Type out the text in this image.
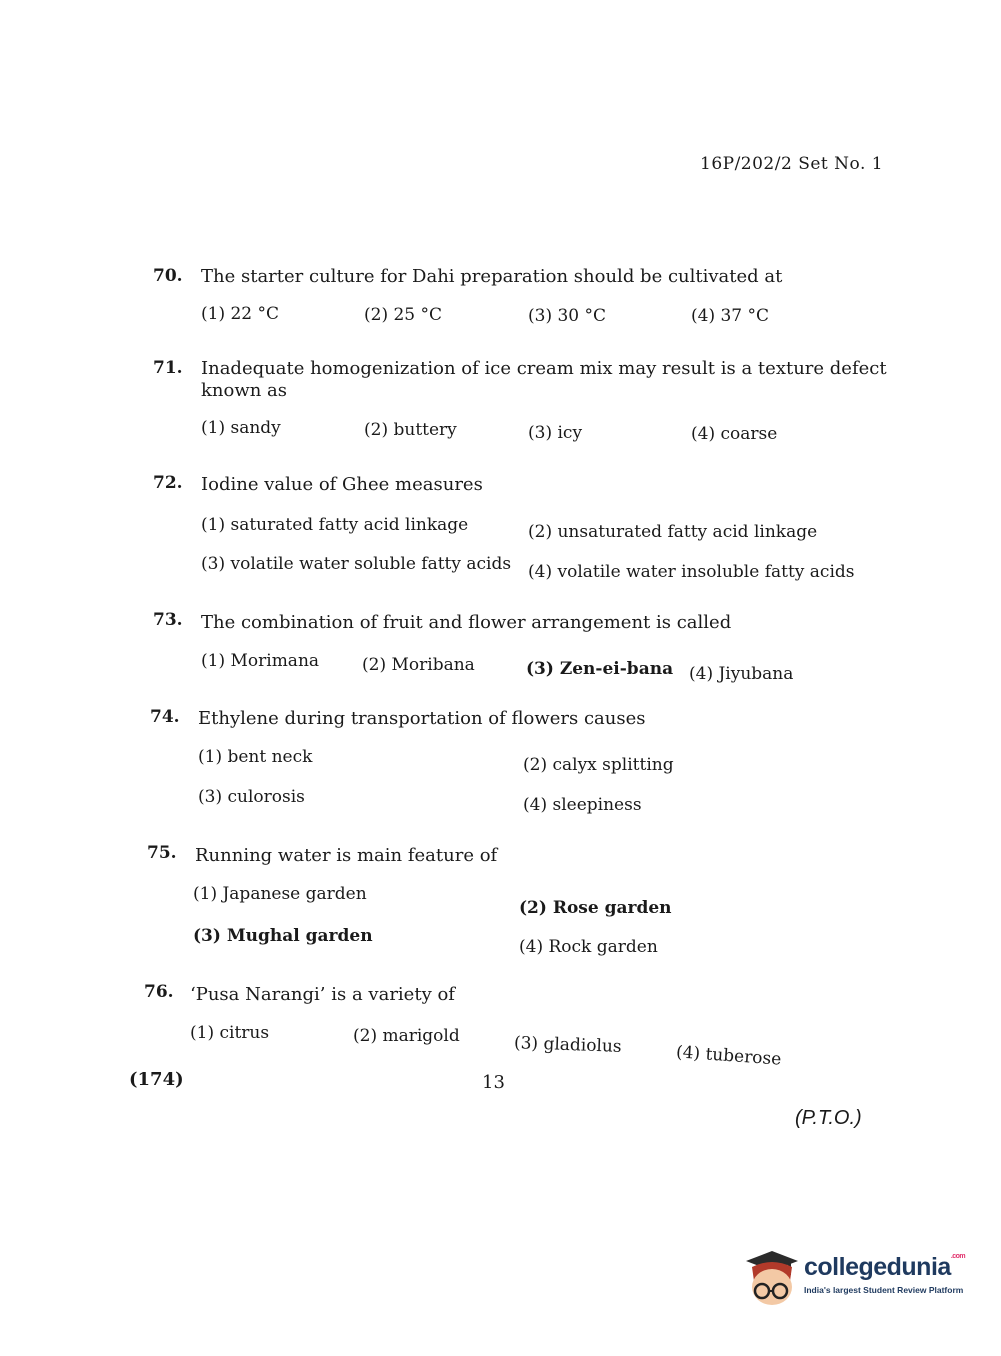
16P/202/2 Set No. 1
70. The starter culture for Dahi preparation should be cultivated at
(1) 22 °C	(2) 25 °C	(3) 30 °C	(4) 37 °C
71. Inadequate homogenization of ice cream mix may result is a texture defect
known as
(1) sandy	(2) buttery	(3) icy	(4) coarse
72. Iodine value of Ghee measures
(1) saturated fatty acid linkage	(2) unsaturated fatty acid linkage
(3) volatile water soluble fatty acids (4) volatile water insoluble fatty acids
73. The combination of fruit and flower arrangement is called
(1) Morimana	(2) Moribana	(3) Zen-ei-bana (4) Jiyubana
74. Ethylene during transportation of flowers causes
(1) bent neck	(2) calyx splitting
(3) culorosis	(4) sleepiness
75. Running water is main feature of
(1) Japanese garden
(2) Rose garden
(3) Mughal garden
(4) Rock garden
76. ‘Pusa Narangi’ is a variety of
(1) citrus	(2) marigold	(3) gladiolus	(4) tuberose
(174)	13
(P.T.O.)
collegedunia$^{.com}$
India's largest Student Review Platform
